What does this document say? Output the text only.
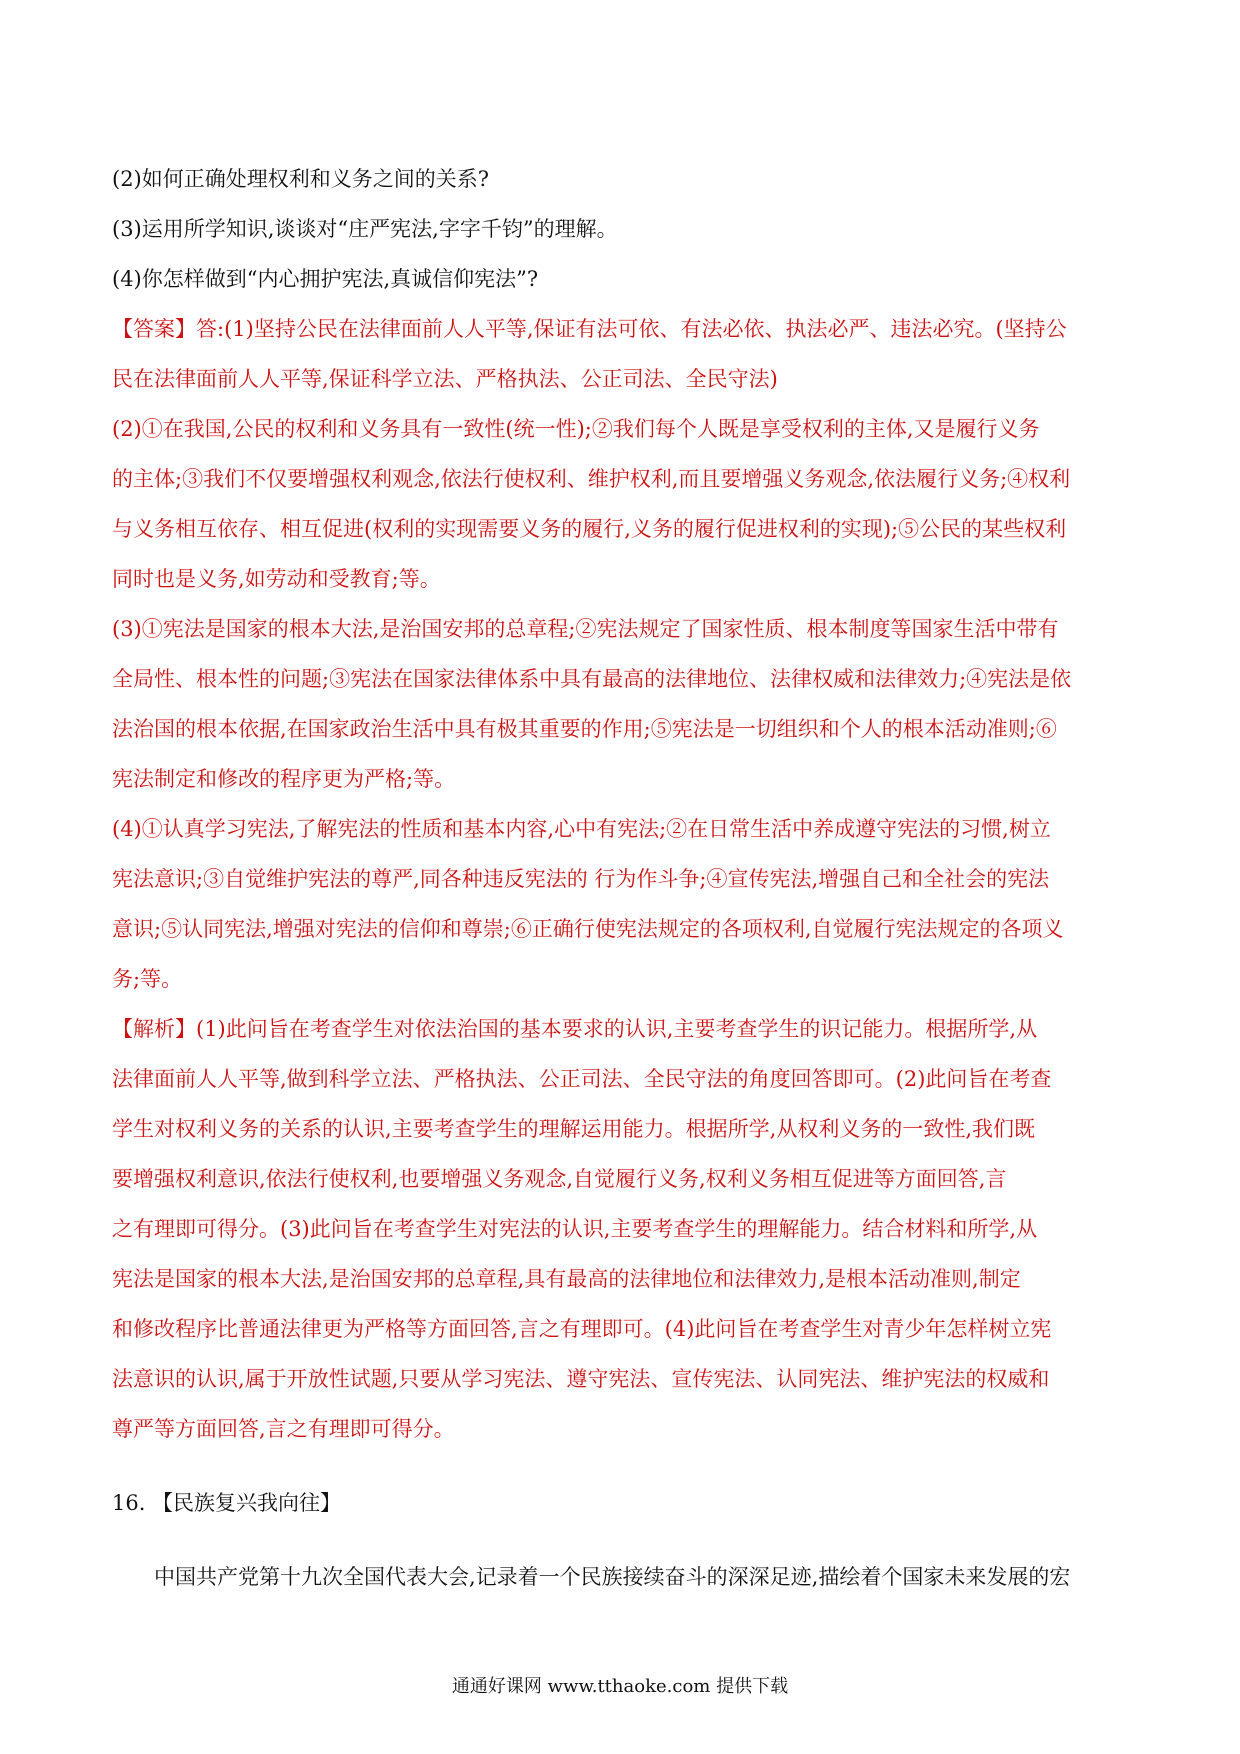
(2)如何正确处理权利和义务之间的关系?

(3)运用所学知识,谈谈对“庄严宪法,字字千钧”的理解。

(4)你怎样做到“内心拥护宪法,真诚信仰宪法”?

【答案】答:(1)坚持公民在法律面前人人平等,保证有法可依、有法必依、执法必严、违法必究。(坚持公

民在法律面前人人平等,保证科学立法、严格执法、公正司法、全民守法)

(2)①在我国,公民的权利和义务具有一致性(统一性);②我们每个人既是享受权利的主体,又是履行义务

的主体;③我们不仅要增强权利观念,依法行使权利、维护权利,而且要增强义务观念,依法履行义务;④权利

与义务相互依存、相互促进(权利的实现需要义务的履行,义务的履行促进权利的实现);⑤公民的某些权利

同时也是义务,如劳动和受教育;等。

(3)①宪法是国家的根本大法,是治国安邦的总章程;②宪法规定了国家性质、根本制度等国家生活中带有

全局性、根本性的问题;③宪法在国家法律体系中具有最高的法律地位、法律权威和法律效力;④宪法是依

法治国的根本依据,在国家政治生活中具有极其重要的作用;⑤宪法是一切组织和个人的根本活动准则;⑥

宪法制定和修改的程序更为严格;等。

(4)①认真学习宪法,了解宪法的性质和基本内容,心中有宪法;②在日常生活中养成遵守宪法的习惯,树立

宪法意识;③自觉维护宪法的尊严,同各种违反宪法的 行为作斗争;④宣传宪法,增强自己和全社会的宪法

意识;⑤认同宪法,增强对宪法的信仰和尊崇;⑥正确行使宪法规定的各项权利,自觉履行宪法规定的各项义

务;等。

【解析】(1)此问旨在考查学生对依法治国的基本要求的认识,主要考查学生的识记能力。根据所学,从

法律面前人人平等,做到科学立法、严格执法、公正司法、全民守法的角度回答即可。(2)此问旨在考查

学生对权利义务的关系的认识,主要考查学生的理解运用能力。根据所学,从权利义务的一致性,我们既

要增强权利意识,依法行使权利,也要增强义务观念,自觉履行义务,权利义务相互促进等方面回答,言

之有理即可得分。(3)此问旨在考查学生对宪法的认识,主要考查学生的理解能力。结合材料和所学,从

宪法是国家的根本大法,是治国安邦的总章程,具有最高的法律地位和法律效力,是根本活动准则,制定

和修改程序比普通法律更为严格等方面回答,言之有理即可。(4)此问旨在考查学生对青少年怎样树立宪

法意识的认识,属于开放性试题,只要从学习宪法、遵守宪法、宣传宪法、认同宪法、维护宪法的权威和

尊严等方面回答,言之有理即可得分。

16. 【民族复兴我向往】

中国共产党第十九次全国代表大会,记录着一个民族接续奋斗的深深足迹,描绘着个国家未来发展的宏

通通好课网 www.tthaoke.com 提供下载
